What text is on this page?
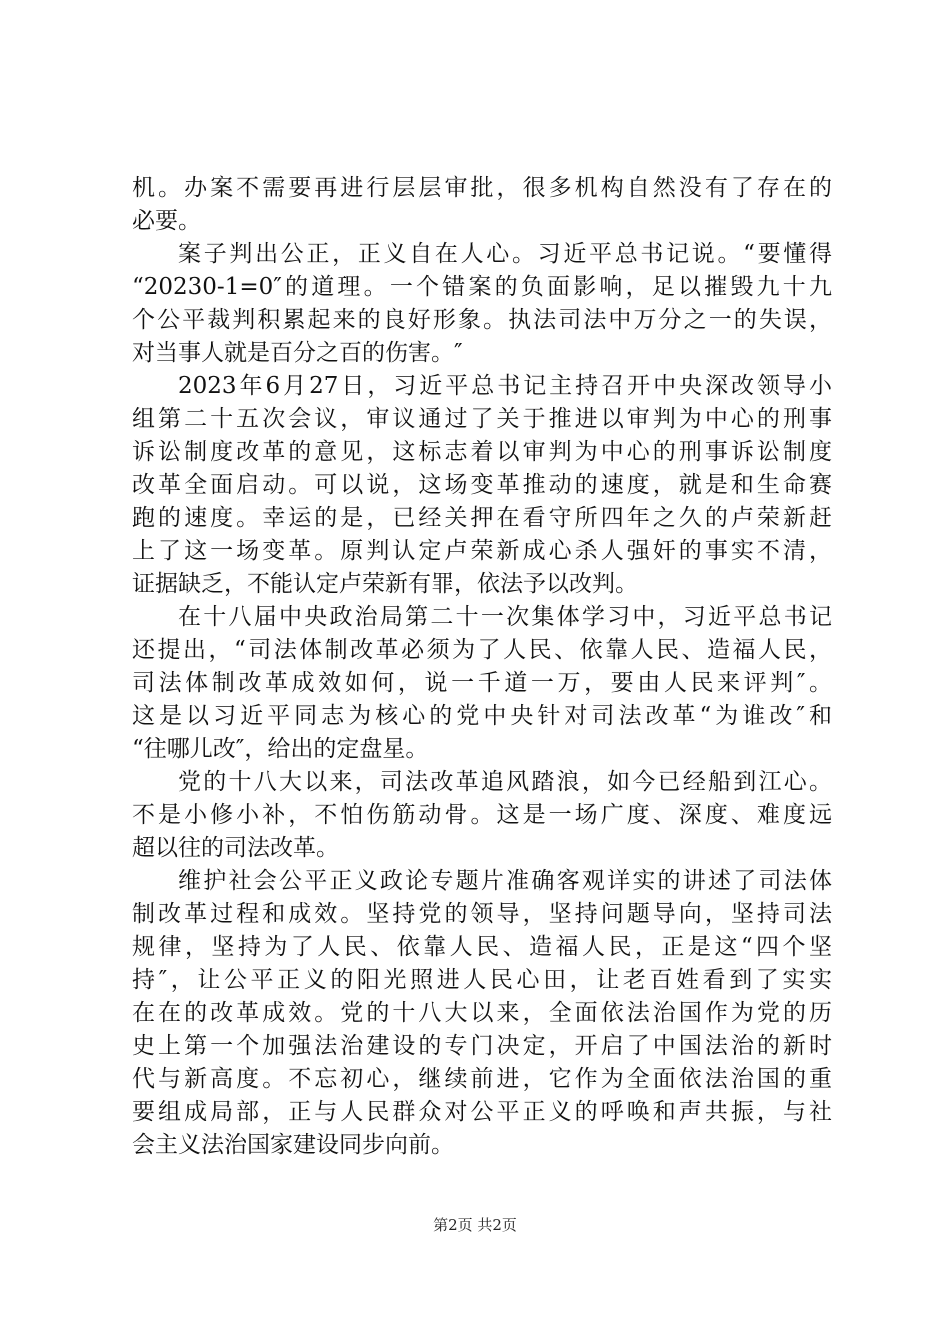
机。办案不需要再进行层层审批，很多机构自然没有了存在的
必要。
案子判出公正，正义自在人心。习近平总书记说。“要懂得
“20230-1=0″的道理。一个错案的负面影响，足以摧毁九十九
个公平裁判积累起来的良好形象。执法司法中万分之一的失误，
对当事人就是百分之百的伤害。″
2023年6月27日，习近平总书记主持召开中央深改领导小
组第二十五次会议，审议通过了关于推进以审判为中心的刑事
诉讼制度改革的意见，这标志着以审判为中心的刑事诉讼制度
改革全面启动。可以说，这场变革推动的速度，就是和生命赛
跑的速度。幸运的是，已经关押在看守所四年之久的卢荣新赶
上了这一场变革。原判认定卢荣新成心杀人强奸的事实不清，
证据缺乏，不能认定卢荣新有罪，依法予以改判。
在十八届中央政治局第二十一次集体学习中，习近平总书记
还提出，“司法体制改革必须为了人民、依靠人民、造福人民，
司法体制改革成效如何，说一千道一万，要由人民来评判″。
这是以习近平同志为核心的党中央针对司法改革“为谁改″和
“往哪儿改″，给出的定盘星。
党的十八大以来，司法改革追风踏浪，如今已经船到江心。
不是小修小补，不怕伤筋动骨。这是一场广度、深度、难度远
超以往的司法改革。
维护社会公平正义政论专题片准确客观详实的讲述了司法体
制改革过程和成效。坚持党的领导，坚持问题导向，坚持司法
规律，坚持为了人民、依靠人民、造福人民，正是这“四个坚
持″，让公平正义的阳光照进人民心田，让老百姓看到了实实
在在的改革成效。党的十八大以来，全面依法治国作为党的历
史上第一个加强法治建设的专门决定，开启了中国法治的新时
代与新高度。不忘初心，继续前进，它作为全面依法治国的重
要组成局部，正与人民群众对公平正义的呼唤和声共振，与社
会主义法治国家建设同步向前。
第2页 共2页
